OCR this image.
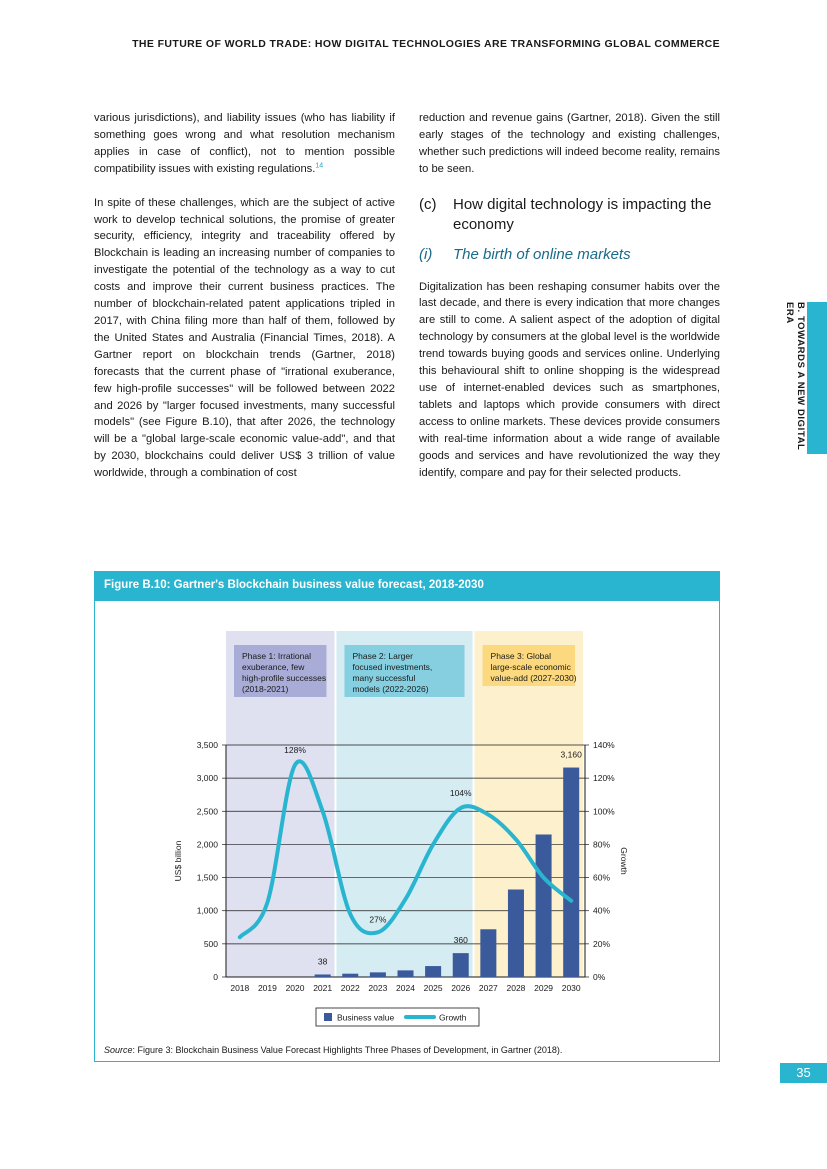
THE FUTURE OF WORLD TRADE: HOW DIGITAL TECHNOLOGIES ARE TRANSFORMING GLOBAL COMMERCE

various jurisdictions), and liability issues (who has liability if something goes wrong and what resolution mechanism applies in case of conflict), not to mention possible compatibility issues with existing regulations.$^{14}$

In spite of these challenges, which are the subject of active work to develop technical solutions, the promise of greater security, efficiency, integrity and traceability offered by Blockchain is leading an increasing number of companies to investigate the potential of the technology as a way to cut costs and improve their current business practices. The number of blockchain-related patent applications tripled in 2017, with China filing more than half of them, followed by the United States and Australia (Financial Times, 2018). A Gartner report on blockchain trends (Gartner, 2018) forecasts that the current phase of "irrational exuberance, few high-profile successes" will be followed between 2022 and 2026 by "larger focused investments, many successful models" (see Figure B.10), that after 2026, the technology will be a "global large-scale economic value-add", and that by 2030, blockchains could deliver US$ 3 trillion of value worldwide, through a combination of cost

reduction and revenue gains (Gartner, 2018). Given the still early stages of the technology and existing challenges, whether such predictions will indeed become reality, remains to be seen.

(c)	How digital technology is impacting the economy
(i)	The birth of online markets

Digitalization has been reshaping consumer habits over the last decade, and there is every indication that more changes are still to come. A salient aspect of the adoption of digital technology by consumers at the global level is the worldwide trend towards buying goods and services online. Underlying this behavioural shift to online shopping is the widespread use of internet-enabled devices such as smartphones, tablets and laptops which provide consumers with direct access to online markets. These devices provide consumers with real-time information about a wide range of available goods and services and have revolutionized the way they identify, compare and pay for their selected products.

B. TOWARDS A NEW DIGITAL ERA
Figure B.10: Gartner's Blockchain business value forecast, 2018-2030
Phase 1: Irrational
exuberance, few
high-profile successes
(2018-2021)
Phase 2: Larger
focused investments,
many successful
models (2022-2026)
Phase 3: Global
large-scale economic
value-add (2027-2030)
0
500
1,000
1,500
2,000
2,500
3,000
3,500
0%
20%
40%
60%
80%
100%
120%
140%
US$ billion	Growth
2018 2019 2020 2021 2022 2023 2024 2025 2026 2027 2028 2029 2030
128%
27%
104%
38
360
3,160
Business value	Growth
Source: Figure 3: Blockchain Business Value Forecast Highlights Three Phases of Development, in Gartner (2018).
35
